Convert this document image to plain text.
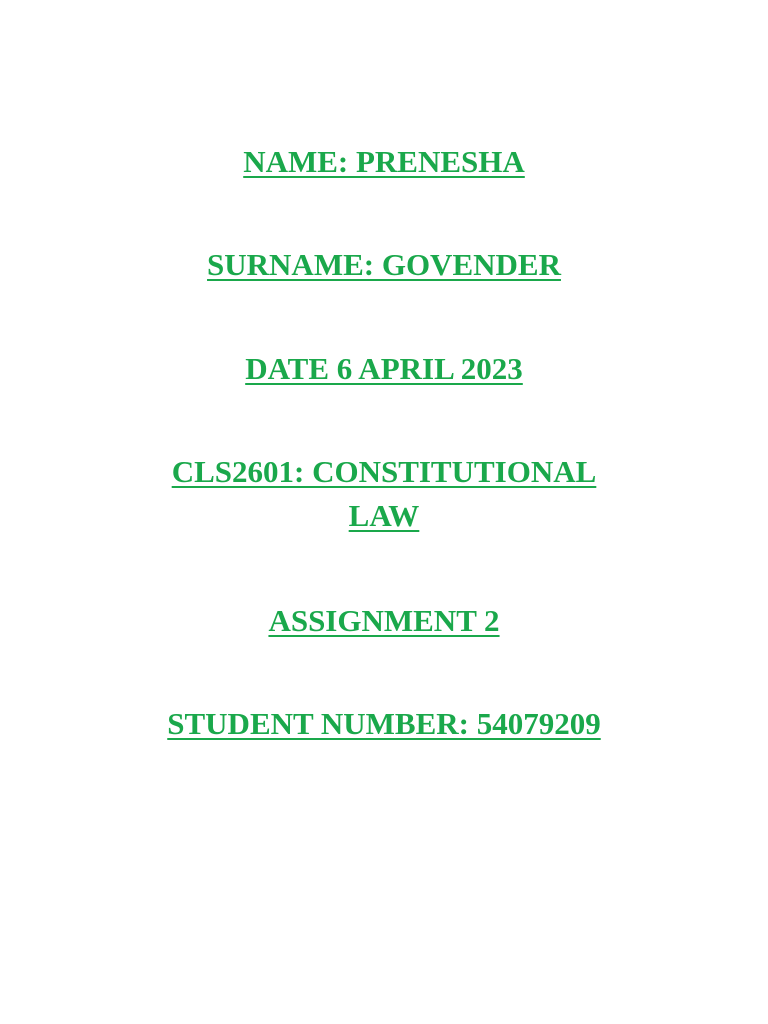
NAME: PRENESHA

SURNAME: GOVENDER

DATE 6 APRIL 2023

CLS2601: CONSTITUTIONAL

LAW

ASSIGNMENT 2

STUDENT NUMBER: 54079209
